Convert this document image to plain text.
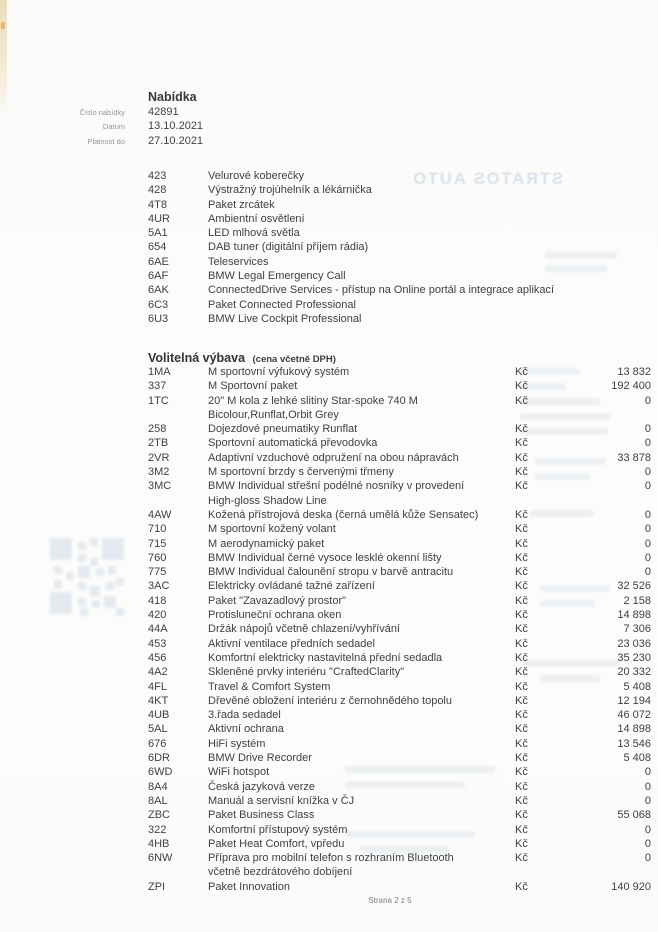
STRATOS AUTO
Nabídka
Číslo nabídky 42891
Datum 13.10.2021
Platnost do 27.10.2021
423	Velurové koberečky
428	Výstražný trojúhelník a lékárnička
4T8	Paket zrcátek
4UR	Ambientní osvětlení
5A1	LED mlhová světla
654	DAB tuner (digitální příjem rádia)
6AE	Teleservices
6AF	BMW Legal Emergency Call
6AK	ConnectedDrive Services - přístup na Online portál a integrace aplikací
6C3	Paket Connected Professional
6U3	BMW Live Cockpit Professional
Volitelná výbava (cena včetně DPH)
1MA	M sportovní výfukový systém	Kč	13 832
337	M Sportovní paket	Kč	192 400
1TC	20" M kola z lehké slitiny Star-spoke 740 M
Bicolour,Runflat,Orbit Grey
Kč	0
258	Dojezdové pneumatiky Runflat	Kč	0
2TB	Sportovní automatická převodovka	Kč	0
2VR	Adaptivní vzduchové odpružení na obou nápravách	Kč	33 878
3M2	M sportovní brzdy s červenými třmeny	Kč	0
3MC	BMW Individual střešní podélné nosníky v provedení
High-gloss Shadow Line
Kč	0
4AW	Kožená přístrojová deska (černá umělá kůže Sensatec)	Kč	0
710	M sportovní kožený volant	Kč	0
715	M aerodynamický paket	Kč	0
760	BMW Individual černé vysoce lesklé okenní lišty	Kč	0
775	BMW Individual čalounění stropu v barvě antracitu	Kč	0
3AC	Elektricky ovládané tažné zařízení	Kč	32 526
418	Paket "Zavazadlový prostor"	Kč	2 158
420	Protisluneční ochrana oken	Kč	14 898
44A	Držák nápojů včetně chlazení/vyhřívání	Kč	7 306
453	Aktivní ventilace předních sedadel	Kč	23 036
456	Komfortní elektricky nastavitelná přední sedadla	Kč	35 230
4A2	Skleněné prvky interiéru "CraftedClarity"	Kč	20 332
4FL	Travel & Comfort System	Kč	5 408
4KT	Dřevěné obložení interiéru z černohnědého topolu	Kč	12 194
4UB	3.řada sedadel	Kč	46 072
5AL	Aktivní ochrana	Kč	14 898
676	HiFi systém	Kč	13 546
6DR	BMW Drive Recorder	Kč	5 408
6WD	WiFi hotspot	Kč	0
8A4	Česká jazyková verze	Kč	0
8AL	Manuál a servisní knížka v ČJ	Kč	0
ZBC	Paket Business Class	Kč	55 068
322	Komfortní přístupový systém	Kč	0
4HB	Paket Heat Comfort, vpředu	Kč	0
6NW	Příprava pro mobilní telefon s rozhraním Bluetooth
včetně bezdrátového dobíjení
Kč	0
ZPI	Paket Innovation	Kč	140 920
Strana 2 z 5
